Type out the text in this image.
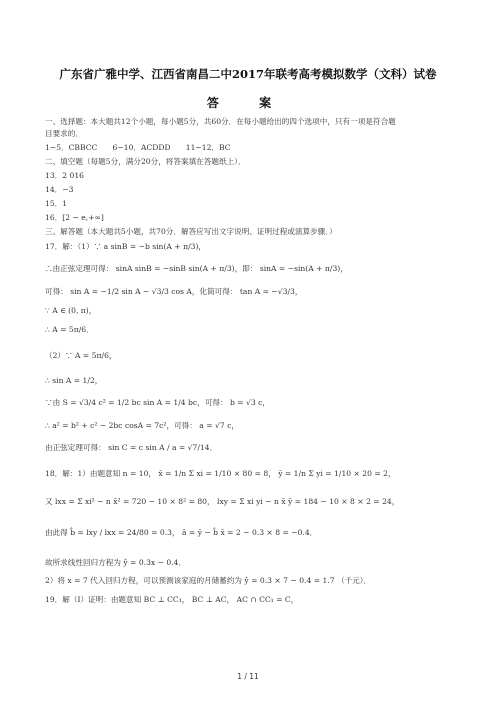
广东省广雅中学、江西省南昌二中2017年联考高考模拟数学（文科）试卷
答 案
一、选择题：本大题共12个小题，每小题5分，共60分．在每小题给出的四个选项中，只有一项是符合题
目要求的．
1~5．CBBCC　　6~10．ACDDD　　11~12．BC
二、填空题（每题5分，满分20分，将答案填在答题纸上）．
13．2 016
14．−3
15．1
16．[2 − e,+∞]
三、解答题（本大题共5小题，共70分．解答应写出文字说明、证明过程或演算步骤．）
17．解：（1）∵ a sinB = −b sin(A + π/3)，
∴由正弦定理可得： sinA sinB = −sinB sin(A + π/3)，即： sinA = −sin(A + π/3)，
可得： sin A = −1/2 sin A − √3/3 cos A，化简可得： tan A = −√3/3，
∵ A ∈ (0, π)，
∴ A = 5π/6．
（2）∵ A = 5π/6，
∴ sin A = 1/2，
∵由 S = √3/4 c² = 1/2 bc sin A = 1/4 bc，可得： b = √3 c，
∴ a² = b² + c² − 2bc cosA = 7c²，可得： a = √7 c，
由正弦定理可得： sin C = c sin A / a = √7/14．
18．解：1）由题意知 n = 10， x̄ = 1/n Σ xi = 1/10 × 80 = 8， ȳ = 1/n Σ yi = 1/10 × 20 = 2，
又 lxx = Σ xi² − n x̄² = 720 − 10 × 8² = 80， lxy = Σ xi yi − n x̄ ȳ = 184 − 10 × 8 × 2 = 24，
由此得 b̂ = lxy / lxx = 24/80 = 0.3， â = ȳ − b̂ x̄ = 2 − 0.3 × 8 = −0.4．
故所求线性回归方程为 ŷ = 0.3x − 0.4．
2）将 x = 7 代入回归方程，可以预测该家庭的月储蓄约为 ŷ = 0.3 × 7 − 0.4 = 1.7 （千元）．
19．解（Ⅰ）证明：由题意知 BC ⊥ CC₁， BC ⊥ AC， AC ∩ CC₁ = C，
1 / 11
